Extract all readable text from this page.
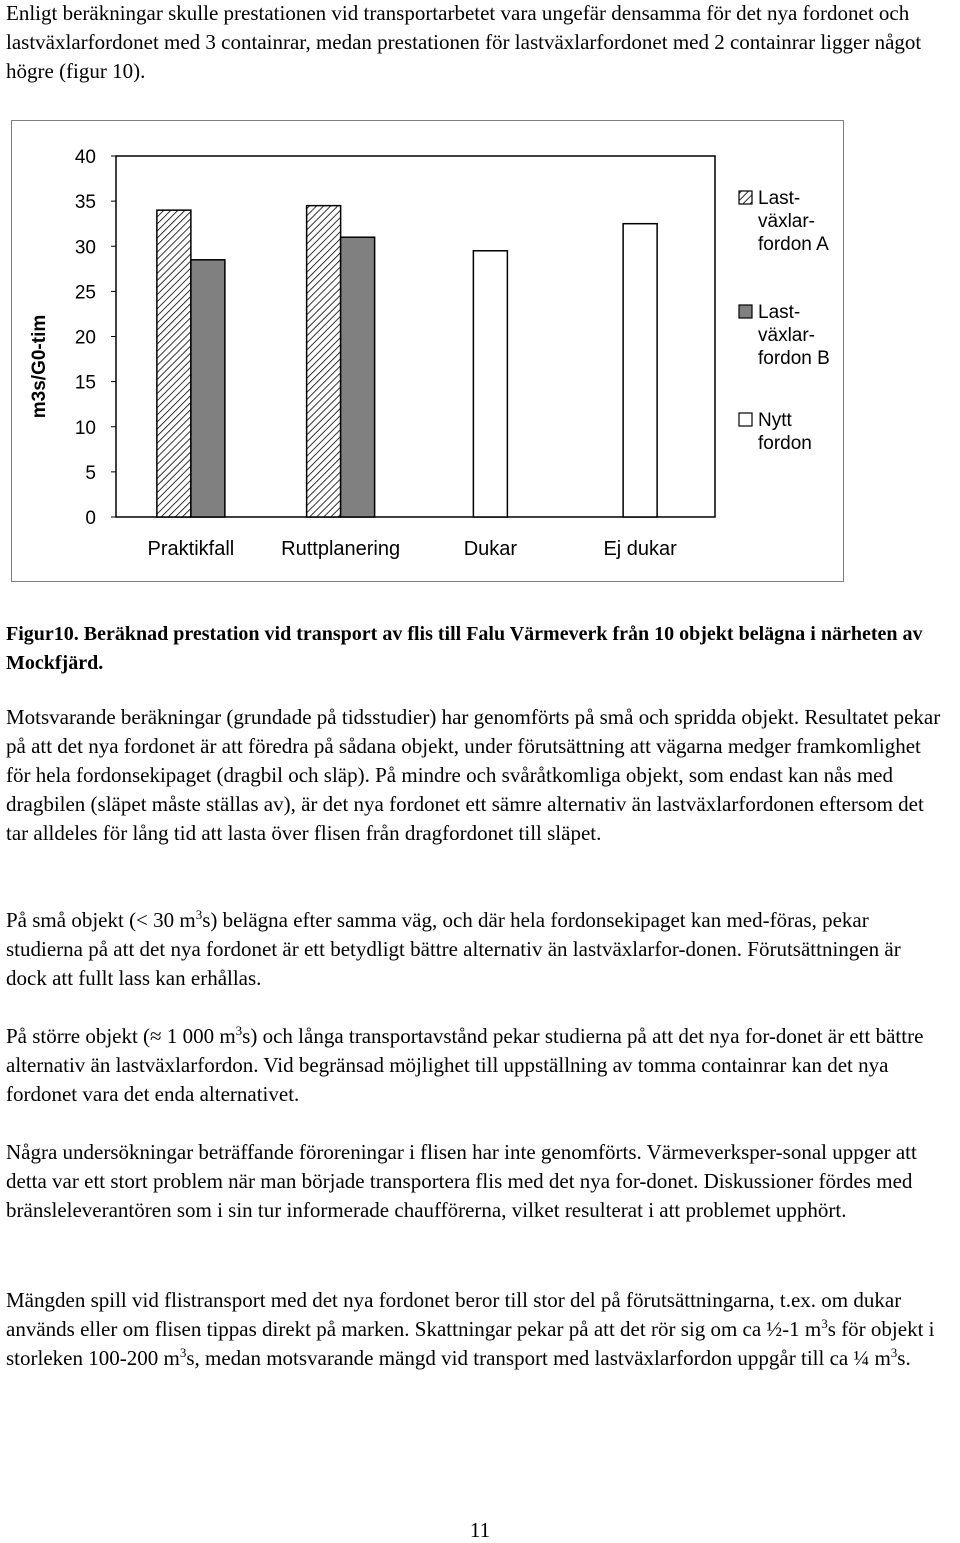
Enligt beräkningar skulle prestationen vid transportarbetet vara ungefär densamma för det nya fordonet och lastväxlarfordonet med 3 containrar, medan prestationen för lastväxlarfordonet med 2 containrar ligger något högre (figur 10).

0
5
10
15
20
25
30
35
40
m3s/G0-tim
Praktikfall Ruttplanering	Dukar	Ej dukar
Last-
växlar-
fordon A
Last-
växlar-
fordon B
Nytt
fordon

Figur10. Beräknad prestation vid transport av flis till Falu Värmeverk från 10 objekt belägna i närheten av Mockfjärd.

Motsvarande beräkningar (grundade på tidsstudier) har genomförts på små och spridda objekt. Resultatet pekar på att det nya fordonet är att föredra på sådana objekt, under förutsättning att vägarna medger framkomlighet för hela fordonsekipaget (dragbil och släp). På mindre och svåråtkomliga objekt, som endast kan nås med dragbilen (släpet måste ställas av), är det nya fordonet ett sämre alternativ än lastväxlarfordonen eftersom det tar alldeles för lång tid att lasta över flisen från dragfordonet till släpet.

På små objekt (< 30 $m^3s$) belägna efter samma väg, och där hela fordonsekipaget kan med-föras, pekar studierna på att det nya fordonet är ett betydligt bättre alternativ än lastväxlarfor-donen. Förutsättningen är dock att fullt lass kan erhållas.

På större objekt (≈ 1 000 $m^3s$) och långa transportavstånd pekar studierna på att det nya for-donet är ett bättre alternativ än lastväxlarfordon. Vid begränsad möjlighet till uppställning av tomma containrar kan det nya fordonet vara det enda alternativet.

Några undersökningar beträffande föroreningar i flisen har inte genomförts. Värmeverksper-sonal uppger att detta var ett stort problem när man började transportera flis med det nya for-donet. Diskussioner fördes med bränsleleverantören som i sin tur informerade chaufförerna, vilket resulterat i att problemet upphört.

Mängden spill vid flistransport med det nya fordonet beror till stor del på förutsättningarna, t.ex. om dukar används eller om flisen tippas direkt på marken. Skattningar pekar på att det rör sig om ca ½-1 $m^3s$ för objekt i storleken 100-200 $m^3s$, medan motsvarande mängd vid transport med lastväxlarfordon uppgår till ca ¼ $m^3s$.

11
